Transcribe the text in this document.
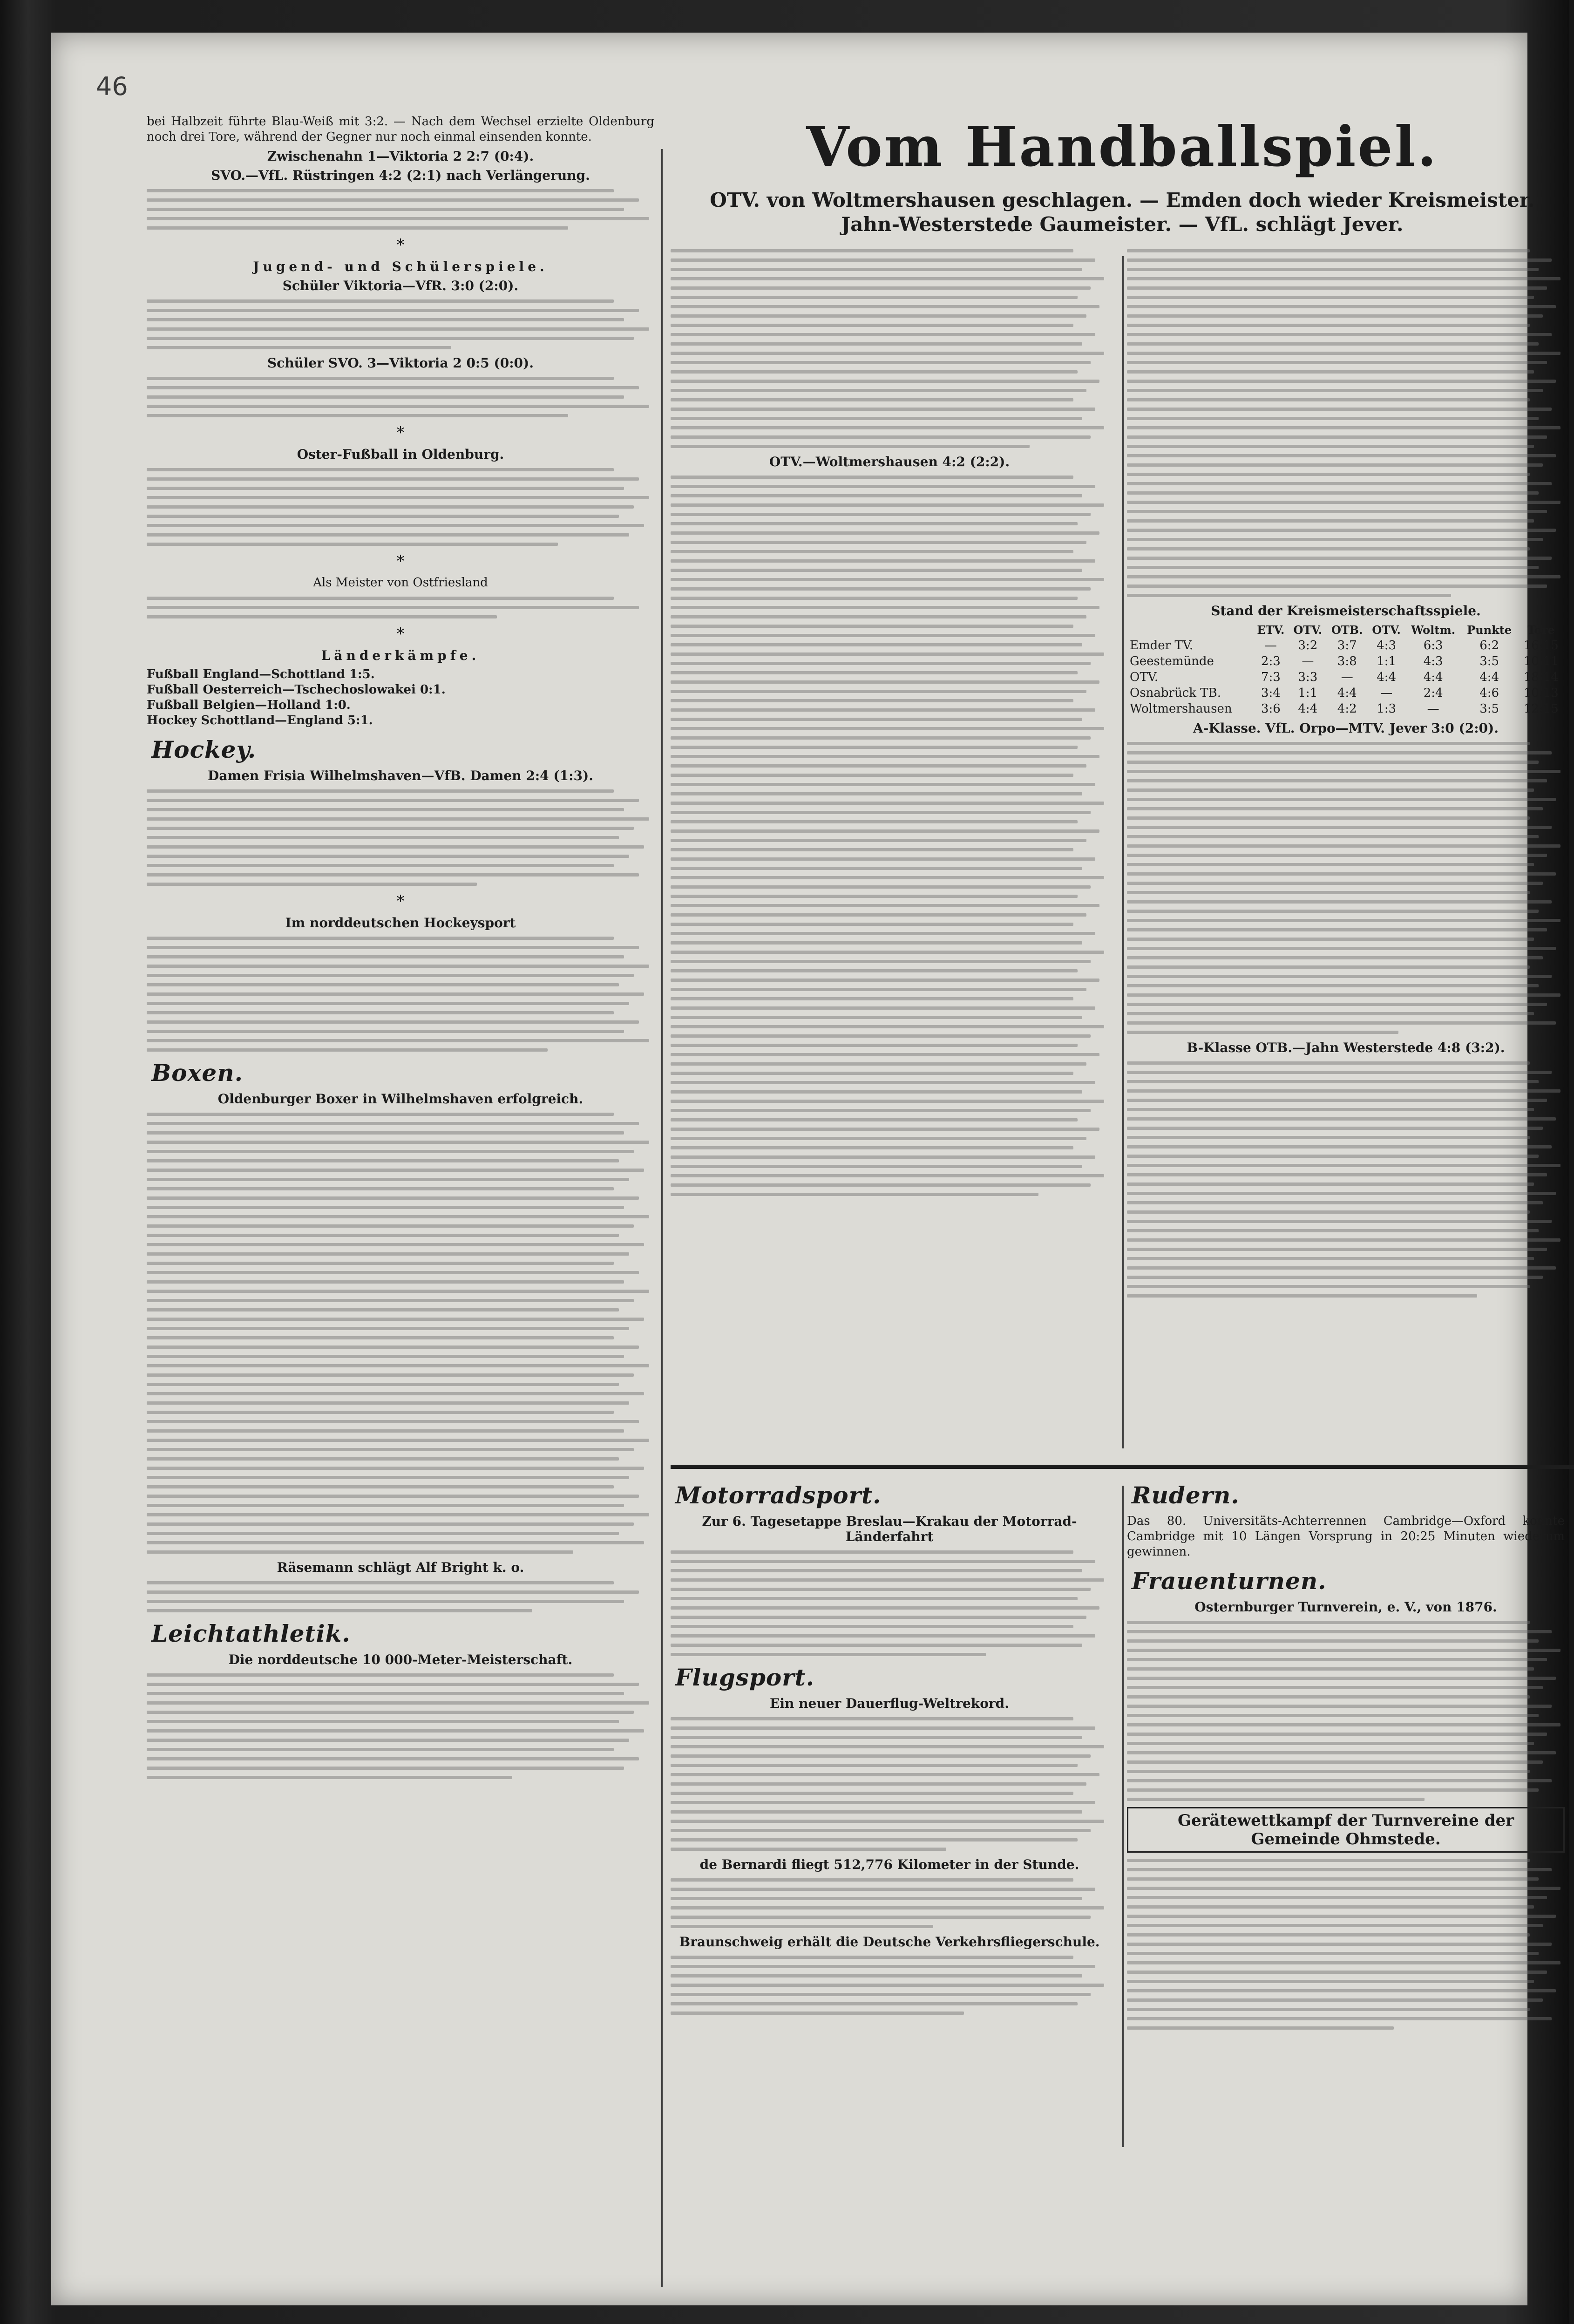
46
bei Halbzeit führte Blau-Weiß mit 3:2. — Nach dem Wechsel erzielte Oldenburg noch drei Tore, während der Gegner nur noch einmal einsenden konnte.
Zwischenahn 1—Viktoria 2 2:7 (0:4).
SVO.—VfL. Rüstringen 4:2 (2:1) nach Verlängerung.
*
Jugend- und Schülerspiele.
Schüler Viktoria—VfR. 3:0 (2:0).
Schüler SVO. 3—Viktoria 2 0:5 (0:0).
*
Oster-Fußball in Oldenburg.
*
Als Meister von Ostfriesland
*
Länderkämpfe.
Fußball England—Schottland 1:5.
Fußball Oesterreich—Tschechoslowakei 0:1.
Fußball Belgien—Holland 1:0.
Hockey Schottland—England 5:1.
Hockey.
Damen Frisia Wilhelmshaven—VfB. Damen 2:4 (1:3).
*
Im norddeutschen Hockeysport
Boxen.
Oldenburger Boxer in Wilhelmshaven erfolgreich.
Räsemann schlägt Alf Bright k. o.
Leichtathletik.
Die norddeutsche 10 000-Meter-Meisterschaft.
Vom Handballspiel.
OTV. von Woltmershausen geschlagen. — Emden doch wieder Kreismeister.
Jahn-Westerstede Gaumeister. — VfL. schlägt Jever.
OTV.—Woltmershausen 4:2 (2:2).
Stand der Kreismeisterschaftsspiele.
	ETV.	OTV.	OTB.	OTV.	Woltm.	Punkte	Tore
Emder TV.	—	3:2	3:7	4:3	6:3	6:2	16:15
Geestemünde	2:3	—	3:8	1:1	4:3	3:5	10:11
OTV.	7:3	3:3	—	4:4	4:4	4:4	18:14
Osnabrück TB.	3:4	1:1	4:4	—	2:4	4:6	10:13
Woltmershausen	3:6	4:4	4:2	1:3	—	3:5	12:15
A-Klasse. VfL. Orpo—MTV. Jever 3:0 (2:0).
B-Klasse OTB.—Jahn Westerstede 4:8 (3:2).
Motorradsport.
Zur 6. Tagesetappe Breslau—Krakau der Motorrad-Länderfahrt
Flugsport.
Ein neuer Dauerflug-Weltrekord.
de Bernardi fliegt 512,776 Kilometer in der Stunde.
Braunschweig erhält die Deutsche Verkehrsfliegerschule.
Rudern.
Das 80. Universitäts-Achterrennen Cambridge—Oxford konnte Cambridge mit 10 Längen Vorsprung in 20:25 Minuten wiederum gewinnen.
Frauenturnen.
Osternburger Turnverein, e. V., von 1876.
Gerätewettkampf der Turnvereine der Gemeinde Ohmstede.
